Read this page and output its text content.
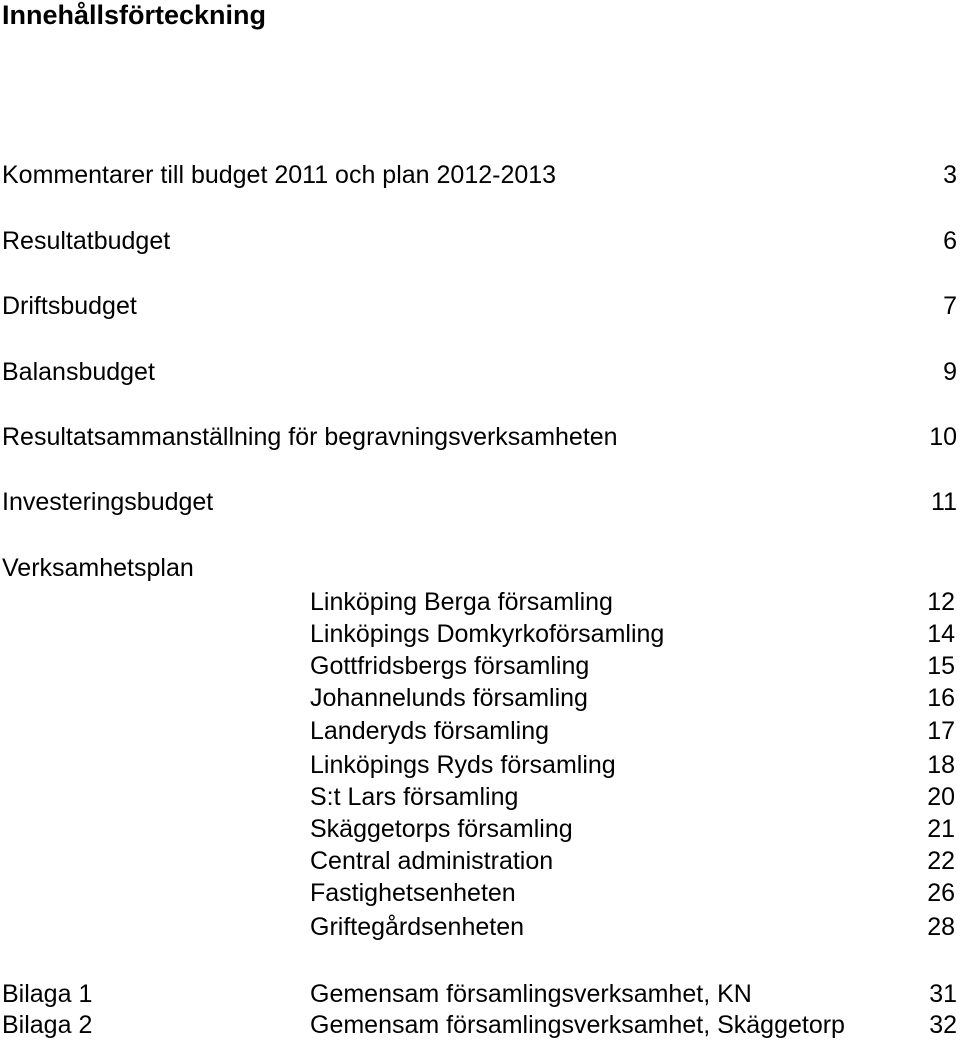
Innehållsförteckning
Kommentarer till budget 2011 och plan 2012-2013	3
Resultatbudget	6
Driftsbudget	7
Balansbudget	9
Resultatsammanställning för begravningsverksamheten	10
Investeringsbudget	11
Verksamhetsplan
Linköping Berga församling	12
Linköpings Domkyrkoförsamling	14
Gottfridsbergs församling	15
Johannelunds församling	16
Landeryds församling	17
Linköpings Ryds församling	18
S:t Lars församling	20
Skäggetorps församling	21
Central administration	22
Fastighetsenheten	26
Griftegårdsenheten	28
Bilaga 1	Gemensam församlingsverksamhet, KN	31
Bilaga 2	Gemensam församlingsverksamhet, Skäggetorp	32
